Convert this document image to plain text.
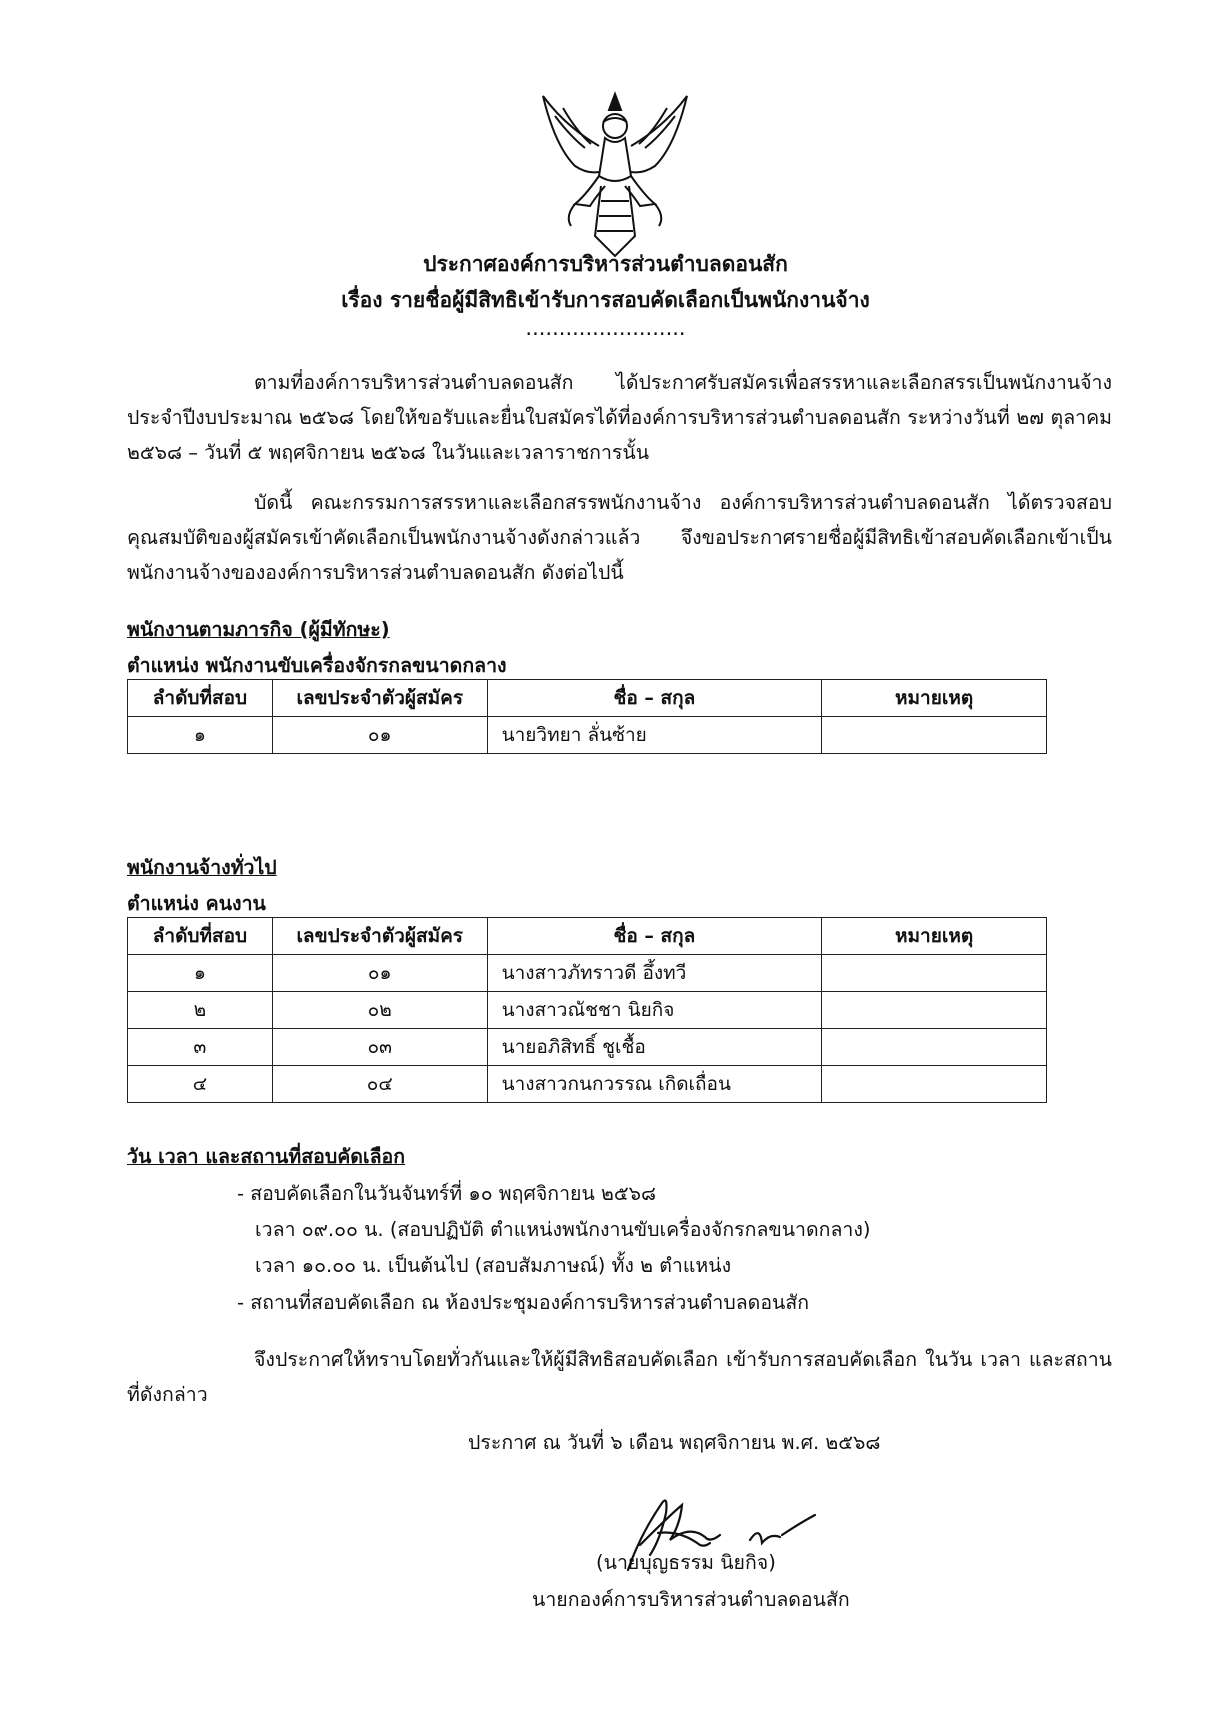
ประกาศองค์การบริหารส่วนตำบลดอนสัก
เรื่อง รายชื่อผู้มีสิทธิเข้ารับการสอบคัดเลือกเป็นพนักงานจ้าง
........................
ตามที่องค์การบริหารส่วนตำบลดอนสัก ได้ประกาศรับสมัครเพื่อสรรหาและเลือกสรรเป็นพนักงานจ้าง ประจำปีงบประมาณ ๒๕๖๘ โดยให้ขอรับและยื่นใบสมัครได้ที่องค์การบริหารส่วนตำบลดอนสัก ระหว่างวันที่ ๒๗ ตุลาคม ๒๕๖๘ – วันที่ ๕ พฤศจิกายน ๒๕๖๘ ในวันและเวลาราชการนั้น
บัดนี้ คณะกรรมการสรรหาและเลือกสรรพนักงานจ้าง องค์การบริหารส่วนตำบลดอนสัก ได้ตรวจสอบคุณสมบัติของผู้สมัครเข้าคัดเลือกเป็นพนักงานจ้างดังกล่าวแล้ว จึงขอประกาศรายชื่อผู้มีสิทธิเข้าสอบคัดเลือกเข้าเป็นพนักงานจ้างขององค์การบริหารส่วนตำบลดอนสัก ดังต่อไปนี้
พนักงานตามภารกิจ (ผู้มีทักษะ)
ตำแหน่ง พนักงานขับเครื่องจักรกลขนาดกลาง
ลำดับที่สอบ	เลขประจำตัวผู้สมัคร	ชื่อ – สกุล	หมายเหตุ
๑	๐๑	นายวิทยา ลั่นซ้าย	
พนักงานจ้างทั่วไป
ตำแหน่ง คนงาน
ลำดับที่สอบ	เลขประจำตัวผู้สมัคร	ชื่อ – สกุล	หมายเหตุ
๑	๐๑	นางสาวภัทราวดี อึ้งทวี	
๒	๐๒	นางสาวณัชชา นิยกิจ	
๓	๐๓	นายอภิสิทธิ์ ชูเชื้อ	
๔	๐๔	นางสาวกนกวรรณ เกิดเถื่อน	
วัน เวลา และสถานที่สอบคัดเลือก
- สอบคัดเลือกในวันจันทร์ที่ ๑๐ พฤศจิกายน ๒๕๖๘
เวลา ๐๙.๐๐ น. (สอบปฏิบัติ ตำแหน่งพนักงานขับเครื่องจักรกลขนาดกลาง)
เวลา ๑๐.๐๐ น. เป็นต้นไป (สอบสัมภาษณ์) ทั้ง ๒ ตำแหน่ง
- สถานที่สอบคัดเลือก ณ ห้องประชุมองค์การบริหารส่วนตำบลดอนสัก
จึงประกาศให้ทราบโดยทั่วกันและให้ผู้มีสิทธิสอบคัดเลือก เข้ารับการสอบคัดเลือก ในวัน เวลา และสถานที่ดังกล่าว
ประกาศ ณ วันที่ ๖ เดือน พฤศจิกายน พ.ศ. ๒๕๖๘
(นายบุญธรรม นิยกิจ)
นายกองค์การบริหารส่วนตำบลดอนสัก
